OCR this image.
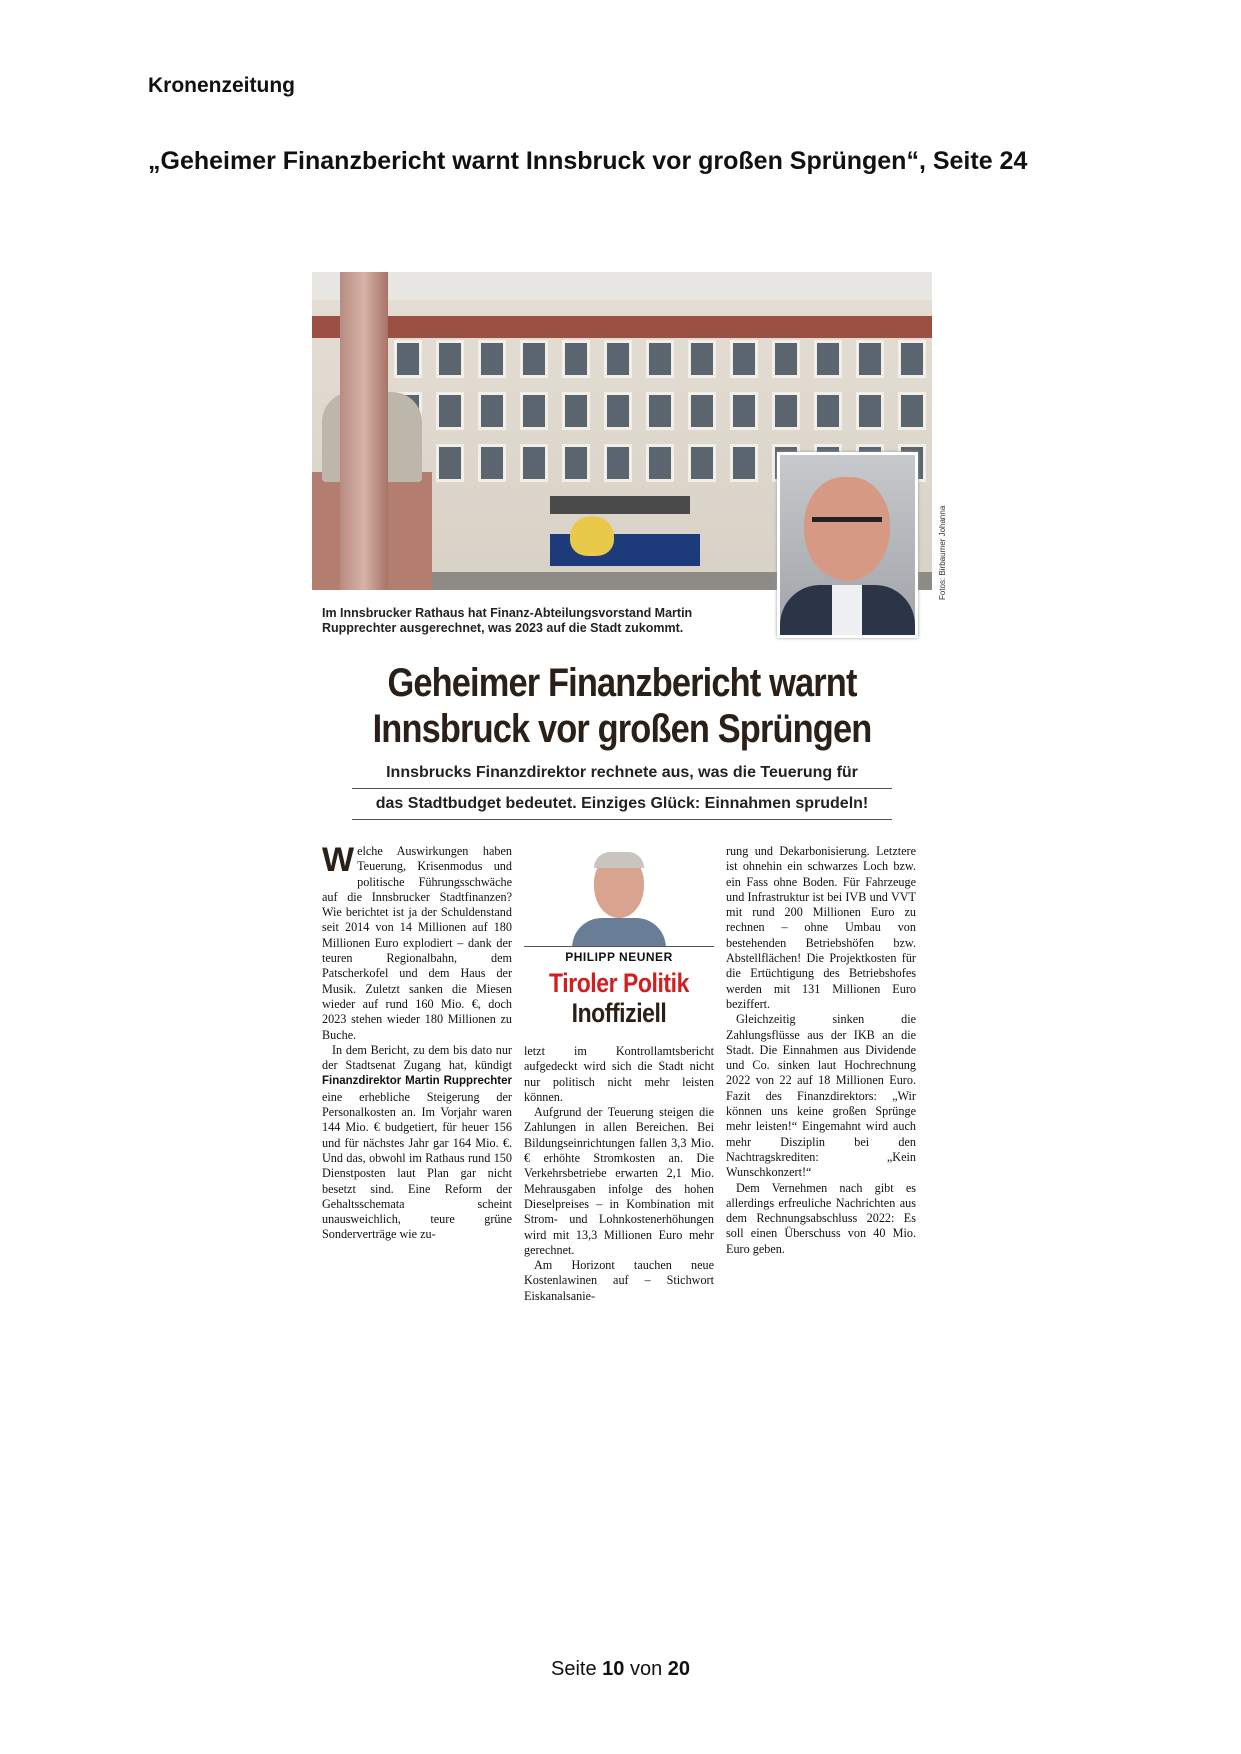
Kronenzeitung
„Geheimer Finanzbericht warnt Innsbruck vor großen Sprüngen“, Seite 24
Fotos: Birbaumer Johanna
Im Innsbrucker Rathaus hat Finanz-Abteilungsvorstand Martin Rupprechter ausgerechnet, was 2023 auf die Stadt zukommt.
Geheimer Finanzbericht warnt
Innsbruck vor großen Sprüngen
Innsbrucks Finanzdirektor rechnete aus, was die Teuerung für
das Stadtbudget bedeutet. Einziges Glück: Einnahmen sprudeln!

Welche Auswirkungen haben Teuerung, Krisenmodus und politische Führungsschwäche auf die Innsbrucker Stadtfinanzen? Wie berichtet ist ja der Schuldenstand seit 2014 von 14 Millionen auf 180 Millionen Euro explodiert – dank der teuren Regionalbahn, dem Patscherkofel und dem Haus der Musik. Zuletzt sanken die Miesen wieder auf rund 160 Mio. €, doch 2023 stehen wieder 180 Millionen zu Buche.

In dem Bericht, zu dem bis dato nur der Stadtsenat Zugang hat, kündigt Finanzdirektor Martin Rupprechter eine erhebliche Steigerung der Personalkosten an. Im Vorjahr waren 144 Mio. € budgetiert, für heuer 156 und für nächstes Jahr gar 164 Mio. €. Und das, obwohl im Rathaus rund 150 Dienstposten laut Plan gar nicht besetzt sind. Eine Reform der Gehaltsschemata scheint unausweichlich, teure grüne Sonderverträge wie zu-

PHILIPP NEUNER
Tiroler Politik
Inoffiziell

letzt im Kontrollamtsbericht aufgedeckt wird sich die Stadt nicht nur politisch nicht mehr leisten können.

Aufgrund der Teuerung steigen die Zahlungen in allen Bereichen. Bei Bildungseinrichtungen fallen 3,3 Mio. € erhöhte Stromkosten an. Die Verkehrsbetriebe erwarten 2,1 Mio. Mehrausgaben infolge des hohen Dieselpreises – in Kombination mit Strom- und Lohnkostenerhöhungen wird mit 13,3 Millionen Euro mehr gerechnet.

Am Horizont tauchen neue Kostenlawinen auf – Stichwort Eiskanalsanie-

rung und Dekarbonisierung. Letztere ist ohnehin ein schwarzes Loch bzw. ein Fass ohne Boden. Für Fahrzeuge und Infrastruktur ist bei IVB und VVT mit rund 200 Millionen Euro zu rechnen – ohne Umbau von bestehenden Betriebshöfen bzw. Abstellflächen! Die Projektkosten für die Ertüchtigung des Betriebshofes werden mit 131 Millionen Euro beziffert.

Gleichzeitig sinken die Zahlungsflüsse aus der IKB an die Stadt. Die Einnahmen aus Dividende und Co. sinken laut Hochrechnung 2022 von 22 auf 18 Millionen Euro. Fazit des Finanzdirektors: „Wir können uns keine großen Sprünge mehr leisten!“ Eingemahnt wird auch mehr Disziplin bei den Nachtragskrediten: „Kein Wunschkonzert!“

Dem Vernehmen nach gibt es allerdings erfreuliche Nachrichten aus dem Rechnungsabschluss 2022: Es soll einen Überschuss von 40 Mio. Euro geben.

Seite 10 von 20
